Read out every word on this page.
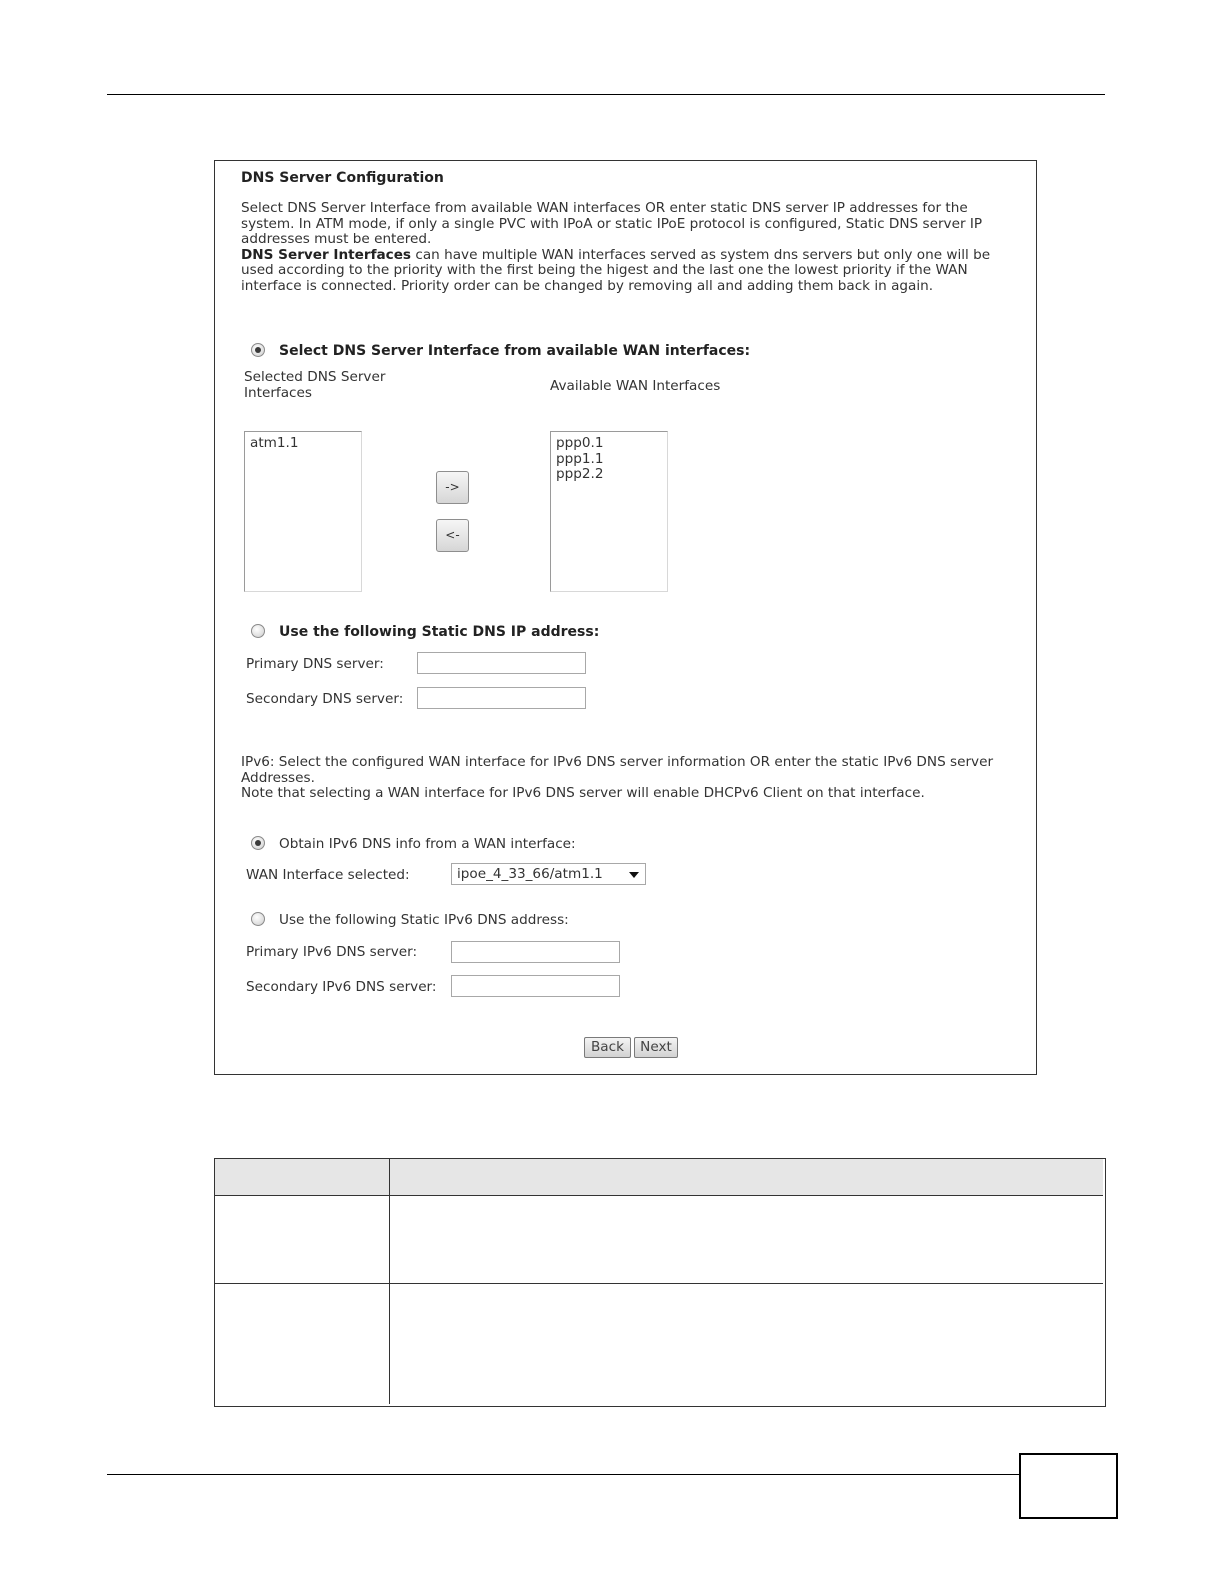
DNS Server Configuration
Select DNS Server Interface from available WAN interfaces OR enter static DNS server IP addresses for the system. In ATM mode, if only a single PVC with IPoA or static IPoE protocol is configured, Static DNS server IP addresses must be entered.
DNS Server Interfaces can have multiple WAN interfaces served as system dns servers but only one will be used according to the priority with the first being the higest and the last one the lowest priority if the WAN interface is connected. Priority order can be changed by removing all and adding them back in again.
Select DNS Server Interface from available WAN interfaces:
Selected DNS Server Interfaces	Available WAN Interfaces
atm1.1
->
<-
ppp0.1
ppp1.1
ppp2.2
Use the following Static DNS IP address:
Primary DNS server:
Secondary DNS server:
IPv6: Select the configured WAN interface for IPv6 DNS server information OR enter the static IPv6 DNS server Addresses.
Note that selecting a WAN interface for IPv6 DNS server will enable DHCPv6 Client on that interface.
Obtain IPv6 DNS info from a WAN interface:
WAN Interface selected:	ipoe_4_33_66/atm1.1
Use the following Static IPv6 DNS address:
Primary IPv6 DNS server:
Secondary IPv6 DNS server:
Back	Next
